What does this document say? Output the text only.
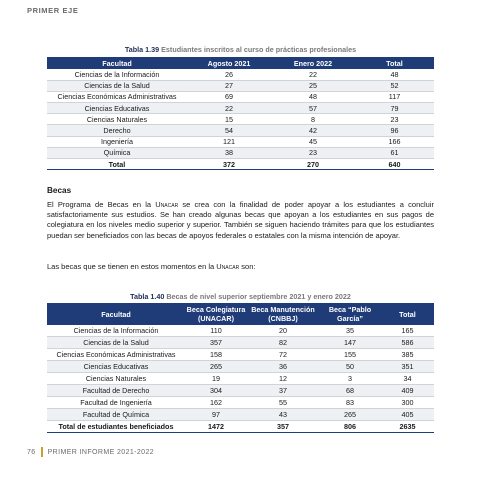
PRIMER EJE
Tabla 1.39 Estudiantes inscritos al curso de prácticas profesionales
Facultad	Agosto 2021	Enero 2022	Total
Ciencias de la Información	26	22	48
Ciencias de la Salud	27	25	52
Ciencias Económicas Administrativas	69	48	117
Ciencias Educativas	22	57	79
Ciencias Naturales	15	8	23
Derecho	54	42	96
Ingeniería	121	45	166
Química	38	23	61
Total	372	270	640
Becas
El Programa de Becas en la Unacar se crea con la finalidad de poder apoyar a los estudiantes a concluir satisfactoriamente sus estudios. Se han creado algunas becas que apoyan a los estudiantes en sus pagos de colegiatura en los niveles medio superior y superior. También se siguen haciendo trámites para que los estudiantes puedan ser beneficiados con las becas de apoyos federales o estatales con la misma intención de apoyar.
Las becas que se tienen en estos momentos en la Unacar son:
Tabla 1.40 Becas de nivel superior septiembre 2021 y enero 2022
Facultad	Beca Colegiatura (UNACAR)	Beca Manutención (CNBBJ)	Beca “Pablo García”	Total
Ciencias de la Información	110	20	35	165
Ciencias de la Salud	357	82	147	586
Ciencias Económicas Administrativas	158	72	155	385
Ciencias Educativas	265	36	50	351
Ciencias Naturales	19	12	3	34
Facultad de Derecho	304	37	68	409
Facultad de Ingeniería	162	55	83	300
Facultad de Química	97	43	265	405
Total de estudiantes beneficiados	1472	357	806	2635
76 PRIMER INFORME 2021-2022
